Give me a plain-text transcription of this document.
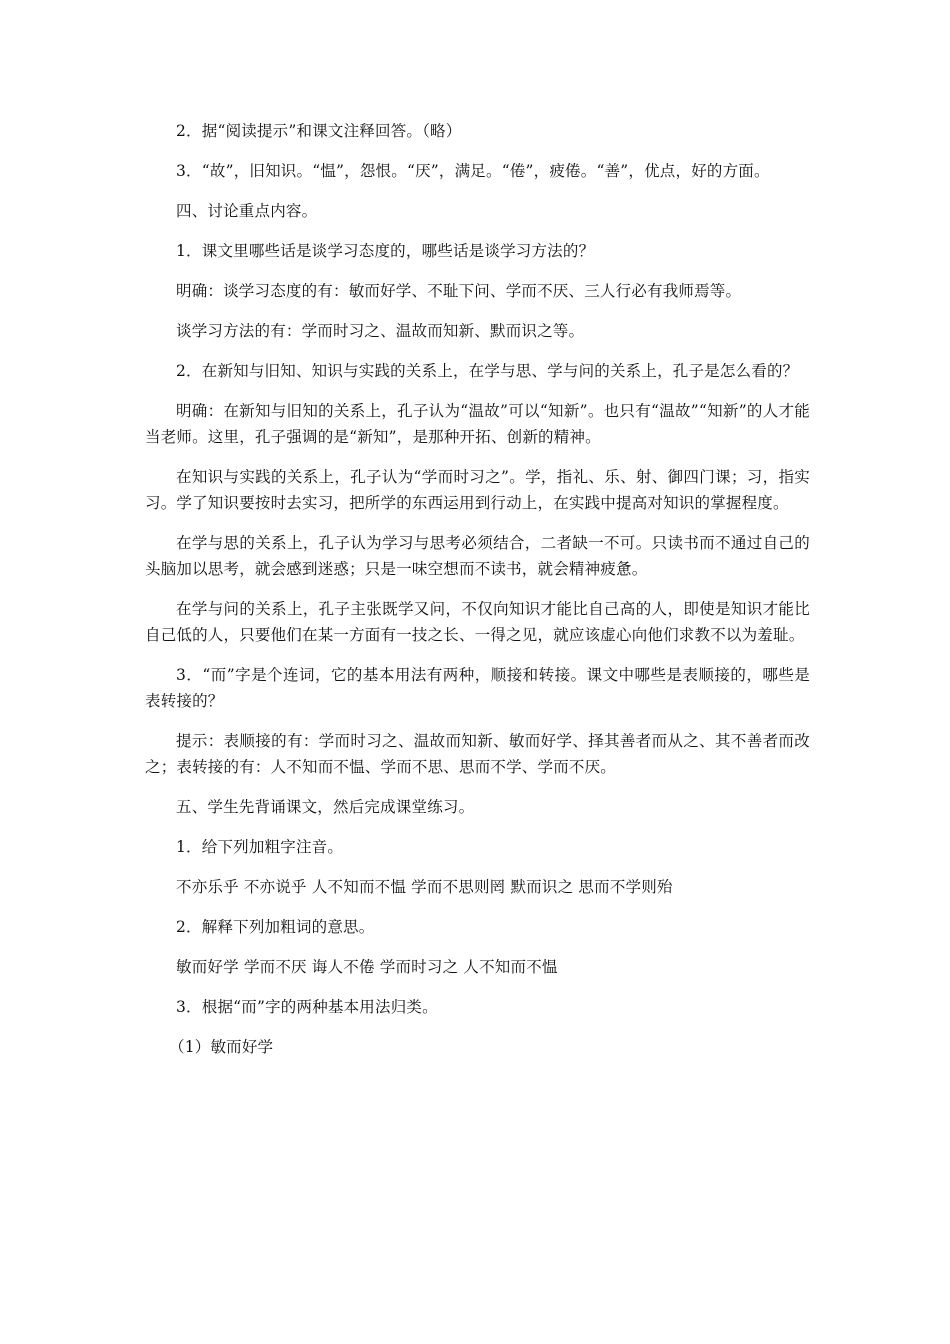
2．据“阅读提示”和课文注释回答。（略）

3．“故”，旧知识。“愠”，怨恨。“厌”，满足。“倦”，疲倦。“善”，优点，好的方面。

四、讨论重点内容。

1．课文里哪些话是谈学习态度的，哪些话是谈学习方法的？

明确：谈学习态度的有：敏而好学、不耻下问、学而不厌、三人行必有我师焉等。

谈学习方法的有：学而时习之、温故而知新、默而识之等。

2．在新知与旧知、知识与实践的关系上，在学与思、学与问的关系上，孔子是怎么看的？

明确：在新知与旧知的关系上，孔子认为“温故”可以“知新”。也只有“温故”“知新”的人才能当老师。这里，孔子强调的是“新知”，是那种开拓、创新的精神。

在知识与实践的关系上，孔子认为“学而时习之”。学，指礼、乐、射、御四门课；习，指实习。学了知识要按时去实习，把所学的东西运用到行动上，在实践中提高对知识的掌握程度。

在学与思的关系上，孔子认为学习与思考必须结合，二者缺一不可。只读书而不通过自己的头脑加以思考，就会感到迷惑；只是一味空想而不读书，就会精神疲惫。

在学与问的关系上，孔子主张既学又问，不仅向知识才能比自己高的人，即使是知识才能比自己低的人，只要他们在某一方面有一技之长、一得之见，就应该虚心向他们求教不以为羞耻。

3．“而”字是个连词，它的基本用法有两种，顺接和转接。课文中哪些是表顺接的，哪些是表转接的？

提示：表顺接的有：学而时习之、温故而知新、敏而好学、择其善者而从之、其不善者而改之；表转接的有：人不知而不愠、学而不思、思而不学、学而不厌。

五、学生先背诵课文，然后完成课堂练习。

1．给下列加粗字注音。

不亦乐乎 不亦说乎 人不知而不愠 学而不思则罔 默而识之 思而不学则殆

2．解释下列加粗词的意思。

敏而好学 学而不厌 诲人不倦 学而时习之 人不知而不愠

3．根据“而”字的两种基本用法归类。

（1）敏而好学
